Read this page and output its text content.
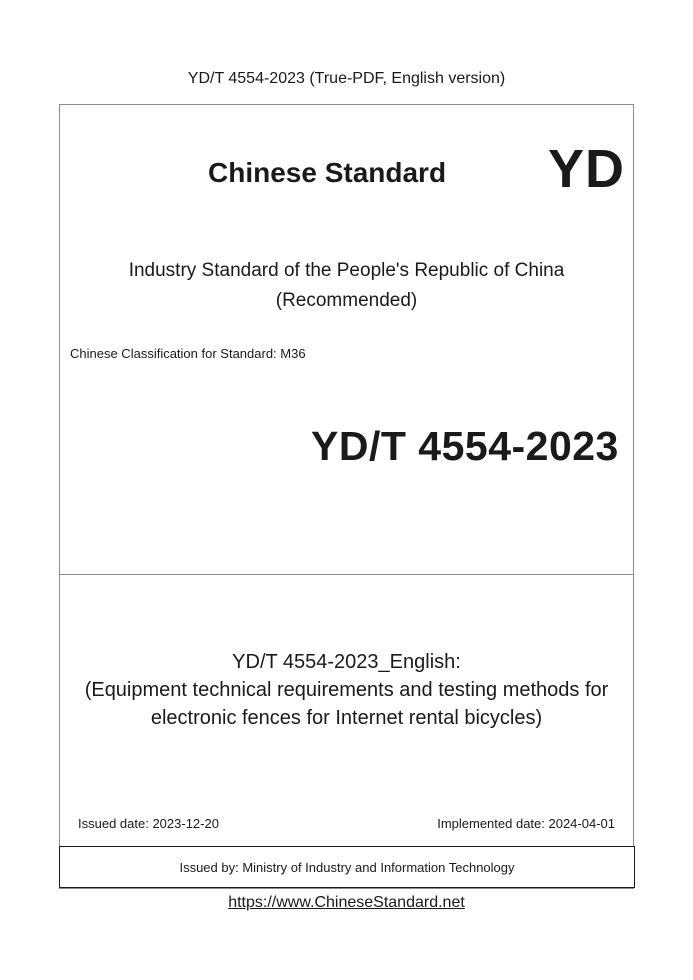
YD/T 4554-2023 (True-PDF, English version)
Chinese Standard YD
Industry Standard of the People's Republic of China
(Recommended)
Chinese Classification for Standard: M36
YD/T 4554-2023
YD/T 4554-2023_English:
(Equipment technical requirements and testing methods for
electronic fences for Internet rental bicycles)
Issued date: 2023-12-20	Implemented date: 2024-04-01
Issued by: Ministry of Industry and Information Technology
https://www.ChineseStandard.net
